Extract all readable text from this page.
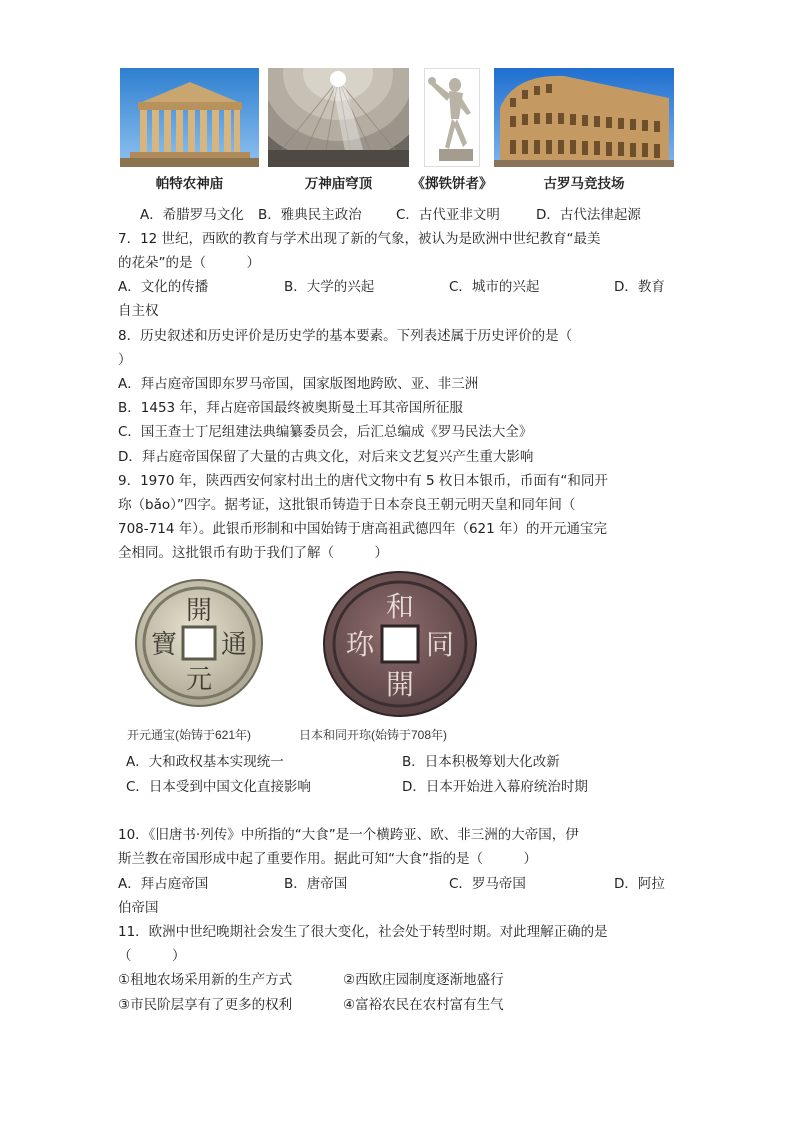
帕特农神庙	万神庙穹顶	《掷铁饼者》	古罗马竞技场
A．希腊罗马文化 B．雅典民主政治	C．古代亚非文明	D．古代法律起源
7．12 世纪，西欧的教育与学术出现了新的气象，被认为是欧洲中世纪教育“最美
的花朵”的是（　　　）
A．文化的传播	B．大学的兴起	C．城市的兴起	D．教育
自主权
8．历史叙述和历史评价是历史学的基本要素。下列表述属于历史评价的是（
）
A．拜占庭帝国即东罗马帝国，国家版图地跨欧、亚、非三洲
B．1453 年，拜占庭帝国最终被奥斯曼土耳其帝国所征服
C．国王查士丁尼组建法典编纂委员会，后汇总编成《罗马民法大全》
D．拜占庭帝国保留了大量的古典文化，对后来文艺复兴产生重大影响
9．1970 年，陕西西安何家村出土的唐代文物中有 5 枚日本银币，币面有“和同开
珎（bǎo）”四字。据考证，这批银币铸造于日本奈良王朝元明天皇和同年间（
708-714 年）。此银币形制和中国始铸于唐高祖武德四年（621 年）的开元通宝完
全相同。这批银币有助于我们了解（　　　）
開
通
元
寶
和
同
開
珎
开元通宝(始铸于621年)	日本和同开珎(始铸于708年)
A．大和政权基本实现统一	B．日本积极筹划大化改新
C．日本受到中国文化直接影响	D．日本开始进入幕府统治时期
10．《旧唐书·列传》中所指的“大食”是一个横跨亚、欧、非三洲的大帝国，伊
斯兰教在帝国形成中起了重要作用。据此可知“大食”指的是（　　　）
A．拜占庭帝国	B．唐帝国	C．罗马帝国	D．阿拉
伯帝国
11．欧洲中世纪晚期社会发生了很大变化，社会处于转型时期。对此理解正确的是
（　　　）
①租地农场采用新的生产方式	②西欧庄园制度逐渐地盛行
③市民阶层享有了更多的权利	④富裕农民在农村富有生气
